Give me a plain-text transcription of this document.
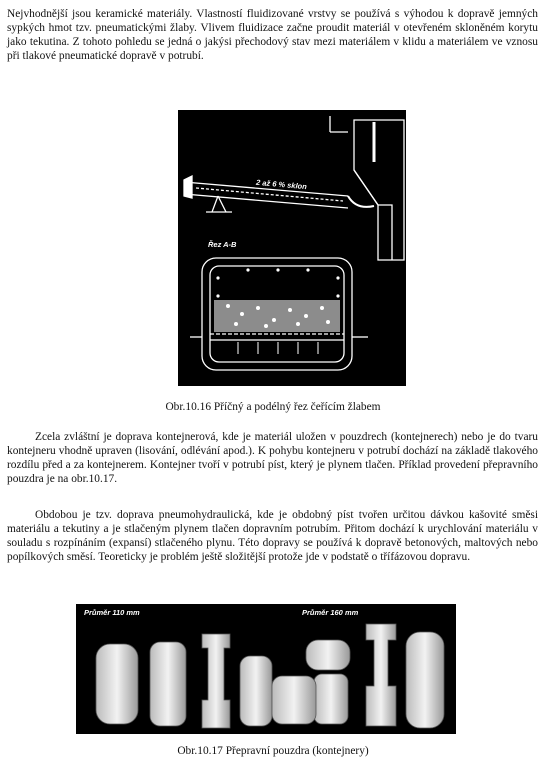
Nejvhodnější jsou keramické materiály. Vlastností fluidizované vrstvy se používá s výhodou k dopravě jemných sypkých hmot tzv. pneumatickými žlaby. Vlivem fluidizace začne proudit materiál v otevřeném skloněném korytu jako tekutina. Z tohoto pohledu se jedná o jakýsi přechodový stav mezi materiálem v klidu a materiálem ve vznosu při tlakové pneumatické dopravě v potrubí.

2 až 6 % sklon
Řez A-B

Obr.10.16 Příčný a podélný řez čeřícím žlabem

Zcela zvláštní je doprava kontejnerová, kde je materiál uložen v pouzdrech (kontejnerech) nebo je do tvaru kontejneru vhodně upraven (lisování, odlévání apod.). K pohybu kontejneru v potrubí dochází na základě tlakového rozdílu před a za kontejnerem. Kontejner tvoří v potrubí píst, který je plynem tlačen. Příklad provedení přepravního pouzdra je na obr.10.17.

Obdobou je tzv. doprava pneumohydraulická, kde je obdobný píst tvořen určitou dávkou kašovité směsi materiálu a tekutiny a je stlačeným plynem tlačen dopravním potrubím. Přitom dochází k urychlování materiálu v souladu s rozpínáním (expansí) stlačeného plynu. Této dopravy se používá k dopravě betonových, maltových nebo popílkových směsí. Teoreticky je problém ještě složitější protože jde v podstatě o třífázovou dopravu.

Průměr 110 mm	Průměr 160 mm

Obr.10.17 Přepravní pouzdra (kontejnery)
